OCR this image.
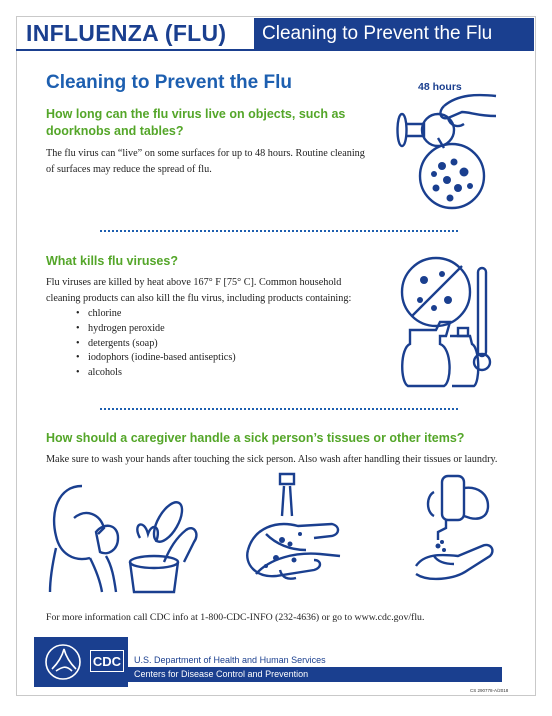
INFLUENZA (FLU)	Cleaning to Prevent the Flu
Cleaning to Prevent the Flu
How long can the flu virus live on objects, such as doorknobs and tables?
The flu virus can “live” on some surfaces for up to 48 hours. Routine cleaning of surfaces may reduce the spread of flu.
48 hours
What kills flu viruses?
Flu viruses are killed by heat above 167° F [75° C]. Common household cleaning products can also kill the flu virus, including products containing:
• chlorine
• hydrogen peroxide
• detergents (soap)
• iodophors (iodine-based antiseptics)
• alcohols
How should a caregiver handle a sick person’s tissues or other items?
Make sure to wash your hands after touching the sick person. Also wash after handling their tissues or laundry.
For more information call CDC info at 1-800-CDC-INFO (232-4636) or go to www.cdc.gov/flu.
CDC	U.S. Department of Health and Human Services
Centers for Disease Control and Prevention
CS 290778-A/2018
